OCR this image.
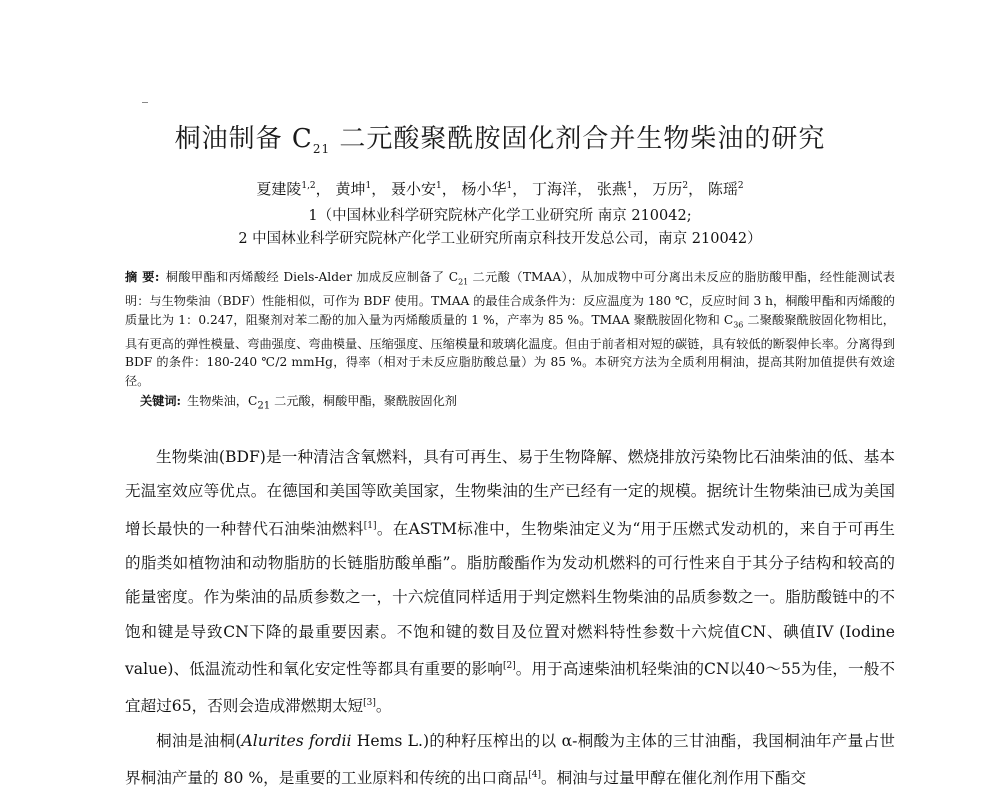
桐油制备 $C_{21}$ 二元酸聚酰胺固化剂合并生物柴油的研究
夏建陵$^{1,2}$， 黄坤$^1$， 聂小安$^1$， 杨小华$^1$， 丁海洋， 张燕$^1$， 万历$^2$， 陈瑶$^2$
1（中国林业科学研究院林产化学工业研究所 南京 210042;
2 中国林业科学研究院林产化学工业研究所南京科技开发总公司，南京 210042）
摘 要: 桐酸甲酯和丙烯酸经 Diels-Alder 加成反应制备了 $C_{21}$ 二元酸（TMAA），从加成物中可分离出未反应的脂肪酸甲酯，经性能测试表明：与生物柴油（BDF）性能相似，可作为 BDF 使用。TMAA 的最佳合成条件为：反应温度为 180 ℃，反应时间 3 h，桐酸甲酯和丙烯酸的质量比为 1：0.247，阻聚剂对苯二酚的加入量为丙烯酸质量的 1 %，产率为 85 %。TMAA 聚酰胺固化物和 $C_{36}$ 二聚酸聚酰胺固化物相比，具有更高的弹性模量、弯曲强度、弯曲模量、压缩强度、压缩模量和玻璃化温度。但由于前者相对短的碳链，具有较低的断裂伸长率。分离得到 BDF 的条件：180-240 ℃/2 mmHg，得率（相对于未反应脂肪酸总量）为 85 %。本研究方法为全质利用桐油，提高其附加值提供有效途径。
关键词: 生物柴油，$C_{21}$ 二元酸，桐酸甲酯，聚酰胺固化剂

生物柴油(BDF)是一种清洁含氧燃料，具有可再生、易于生物降解、燃烧排放污染物比石油柴油的低、基本无温室效应等优点。在德国和美国等欧美国家，生物柴油的生产已经有一定的规模。据统计生物柴油已成为美国增长最快的一种替代石油柴油燃料[1]。在ASTM标准中，生物柴油定义为“用于压燃式发动机的，来自于可再生的脂类如植物油和动物脂肪的长链脂肪酸单酯”。脂肪酸酯作为发动机燃料的可行性来自于其分子结构和较高的能量密度。作为柴油的品质参数之一，十六烷值同样适用于判定燃料生物柴油的品质参数之一。脂肪酸链中的不饱和键是导致CN下降的最重要因素。不饱和键的数目及位置对燃料特性参数十六烷值CN、碘值IV (Iodine value)、低温流动性和氧化安定性等都具有重要的影响[2]。用于高速柴油机轻柴油的CN以40～55为佳，一般不宜超过65，否则会造成滞燃期太短[3]。

桐油是油桐(Alurites fordii Hems L.)的种籽压榨出的以 α-桐酸为主体的三甘油酯，我国桐油年产量占世界桐油产量的 80 %，是重要的工业原料和传统的出口商品[4]。桐油与过量甲醇在催化剂作用下酯交
